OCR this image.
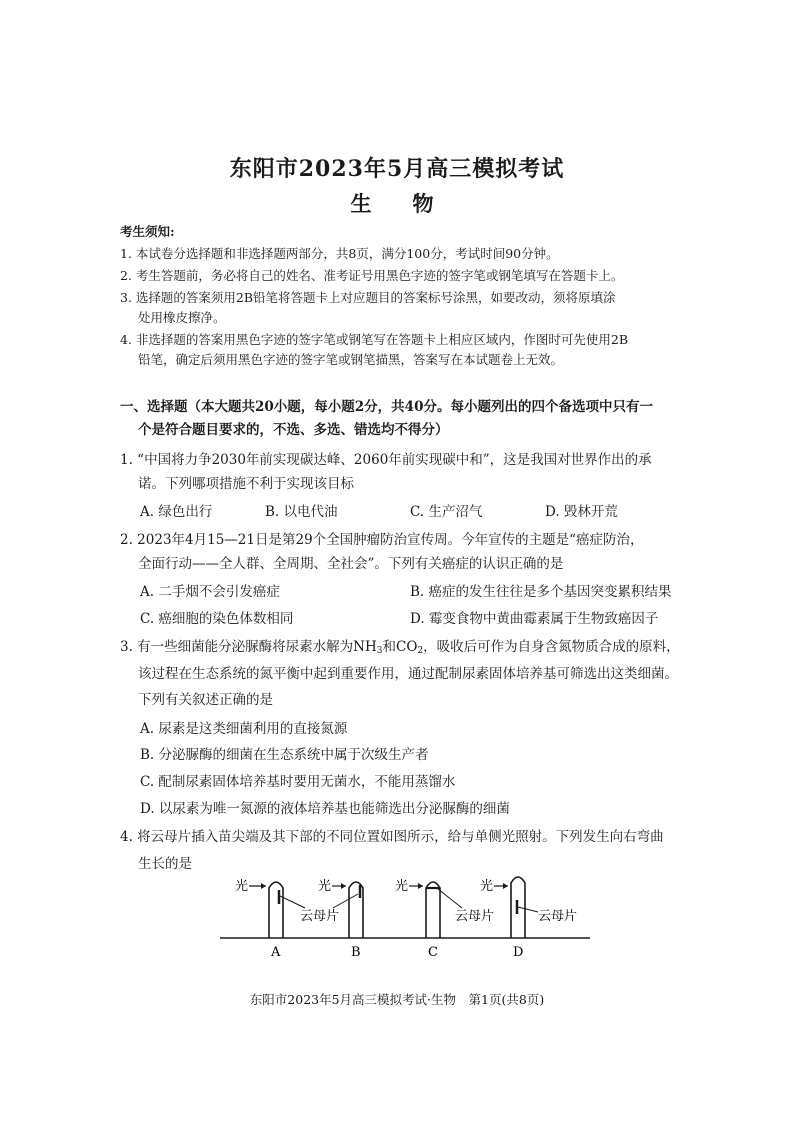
东阳市2023年5月高三模拟考试
生　物
考生须知:
1. 本试卷分选择题和非选择题两部分，共8页，满分100分，考试时间90分钟。
2. 考生答题前，务必将自己的姓名、准考证号用黑色字迹的签字笔或钢笔填写在答题卡上。
3. 选择题的答案须用2B铅笔将答题卡上对应题目的答案标号涂黑，如要改动，须将原填涂
处用橡皮擦净。
4. 非选择题的答案用黑色字迹的签字笔或钢笔写在答题卡上相应区域内，作图时可先使用2B
铅笔，确定后须用黑色字迹的签字笔或钢笔描黑，答案写在本试题卷上无效。
一、选择题（本大题共20小题，每小题2分，共40分。每小题列出的四个备选项中只有一
个是符合题目要求的，不选、多选、错选均不得分）
1. “中国将力争2030年前实现碳达峰、2060年前实现碳中和”，这是我国对世界作出的承
诺。下列哪项措施不利于实现该目标
A. 绿色出行	B. 以电代油	C. 生产沼气	D. 毁林开荒
2. 2023年4月15—21日是第29个全国肿瘤防治宣传周。今年宣传的主题是“癌症防治，
全面行动——全人群、全周期、全社会”。下列有关癌症的认识正确的是
A. 二手烟不会引发癌症	B. 癌症的发生往往是多个基因突变累积结果
C. 癌细胞的染色体数相同	D. 霉变食物中黄曲霉素属于生物致癌因子
3. 有一些细菌能分泌脲酶将尿素水解为$NH_3$和$CO_2$，吸收后可作为自身含氮物质合成的原料，
该过程在生态系统的氮平衡中起到重要作用，通过配制尿素固体培养基可筛选出这类细菌。
下列有关叙述正确的是
A. 尿素是这类细菌利用的直接氮源
B. 分泌脲酶的细菌在生态系统中属于次级生产者
C. 配制尿素固体培养基时要用无菌水，不能用蒸馏水
D. 以尿素为唯一氮源的液体培养基也能筛选出分泌脲酶的细菌
4. 将云母片插入苗尖端及其下部的不同位置如图所示，给与单侧光照射。下列发生向右弯曲
生长的是
光
A
光
云母片
B
光
云母片
C
光
云母片
D
东阳市2023年5月高三模拟考试·生物　第1页(共8页)
